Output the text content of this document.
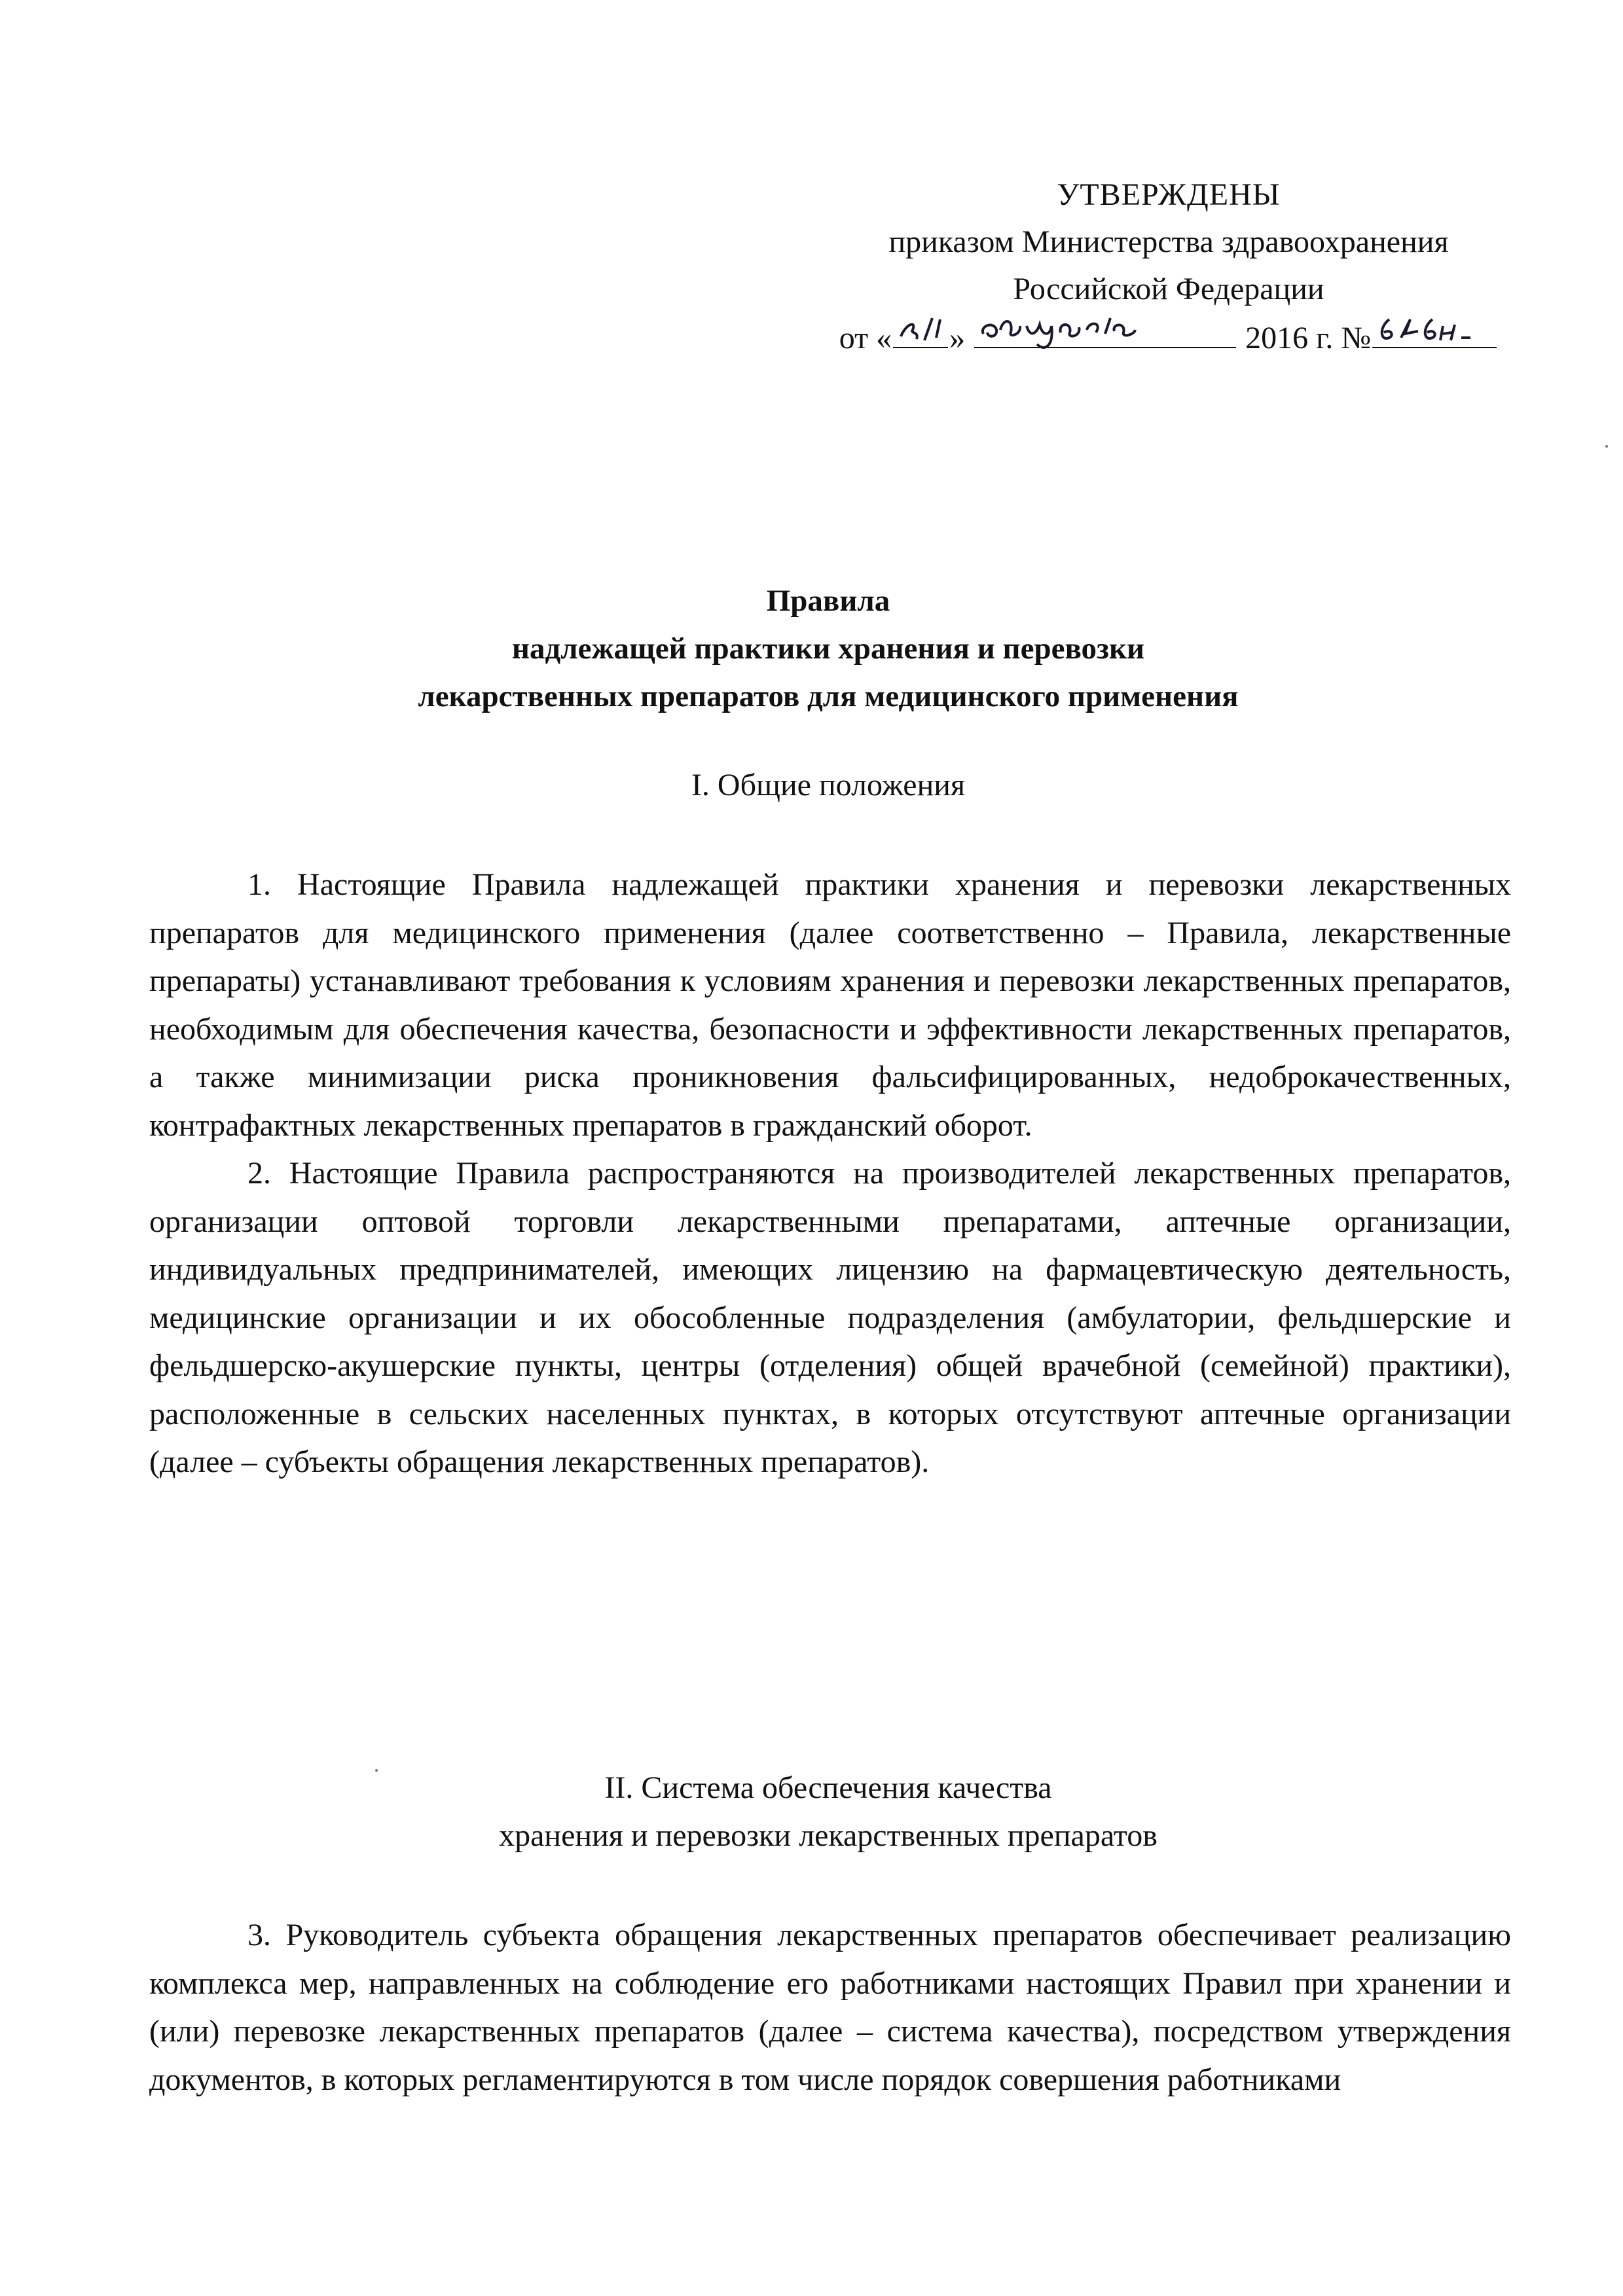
УТВЕРЖДЕНЫ
приказом Министерства здравоохранения
Российской Федерации
от « »	2016 г. №
Правила
надлежащей практики хранения и перевозки
лекарственных препаратов для медицинского применения
I. Общие положения

1. Настоящие Правила надлежащей практики хранения и перевозки лекарственных препаратов для медицинского применения (далее соответственно – Правила, лекарственные препараты) устанавливают требования к условиям хранения и перевозки лекарственных препаратов, необходимым для обеспечения качества, безопасности и эффективности лекарственных препаратов, а также минимизации риска проникновения фальсифицированных, недоброкачественных, контрафактных лекарственных препаратов в гражданский оборот.

2. Настоящие Правила распространяются на производителей лекарственных препаратов, организации оптовой торговли лекарственными препаратами, аптечные организации, индивидуальных предпринимателей, имеющих лицензию на фармацевтическую деятельность, медицинские организации и их обособленные подразделения (амбулатории, фельдшерские и фельдшерско-акушерские пункты, центры (отделения) общей врачебной (семейной) практики), расположенные в сельских населенных пунктах, в которых отсутствуют аптечные организации (далее – субъекты обращения лекарственных препаратов).

II. Система обеспечения качества
хранения и перевозки лекарственных препаратов

3. Руководитель субъекта обращения лекарственных препаратов обеспечивает реализацию комплекса мер, направленных на соблюдение его работниками настоящих Правил при хранении и (или) перевозке лекарственных препаратов (далее – система качества), посредством утверждения документов, в которых регламентируются в том числе порядок совершения работниками
